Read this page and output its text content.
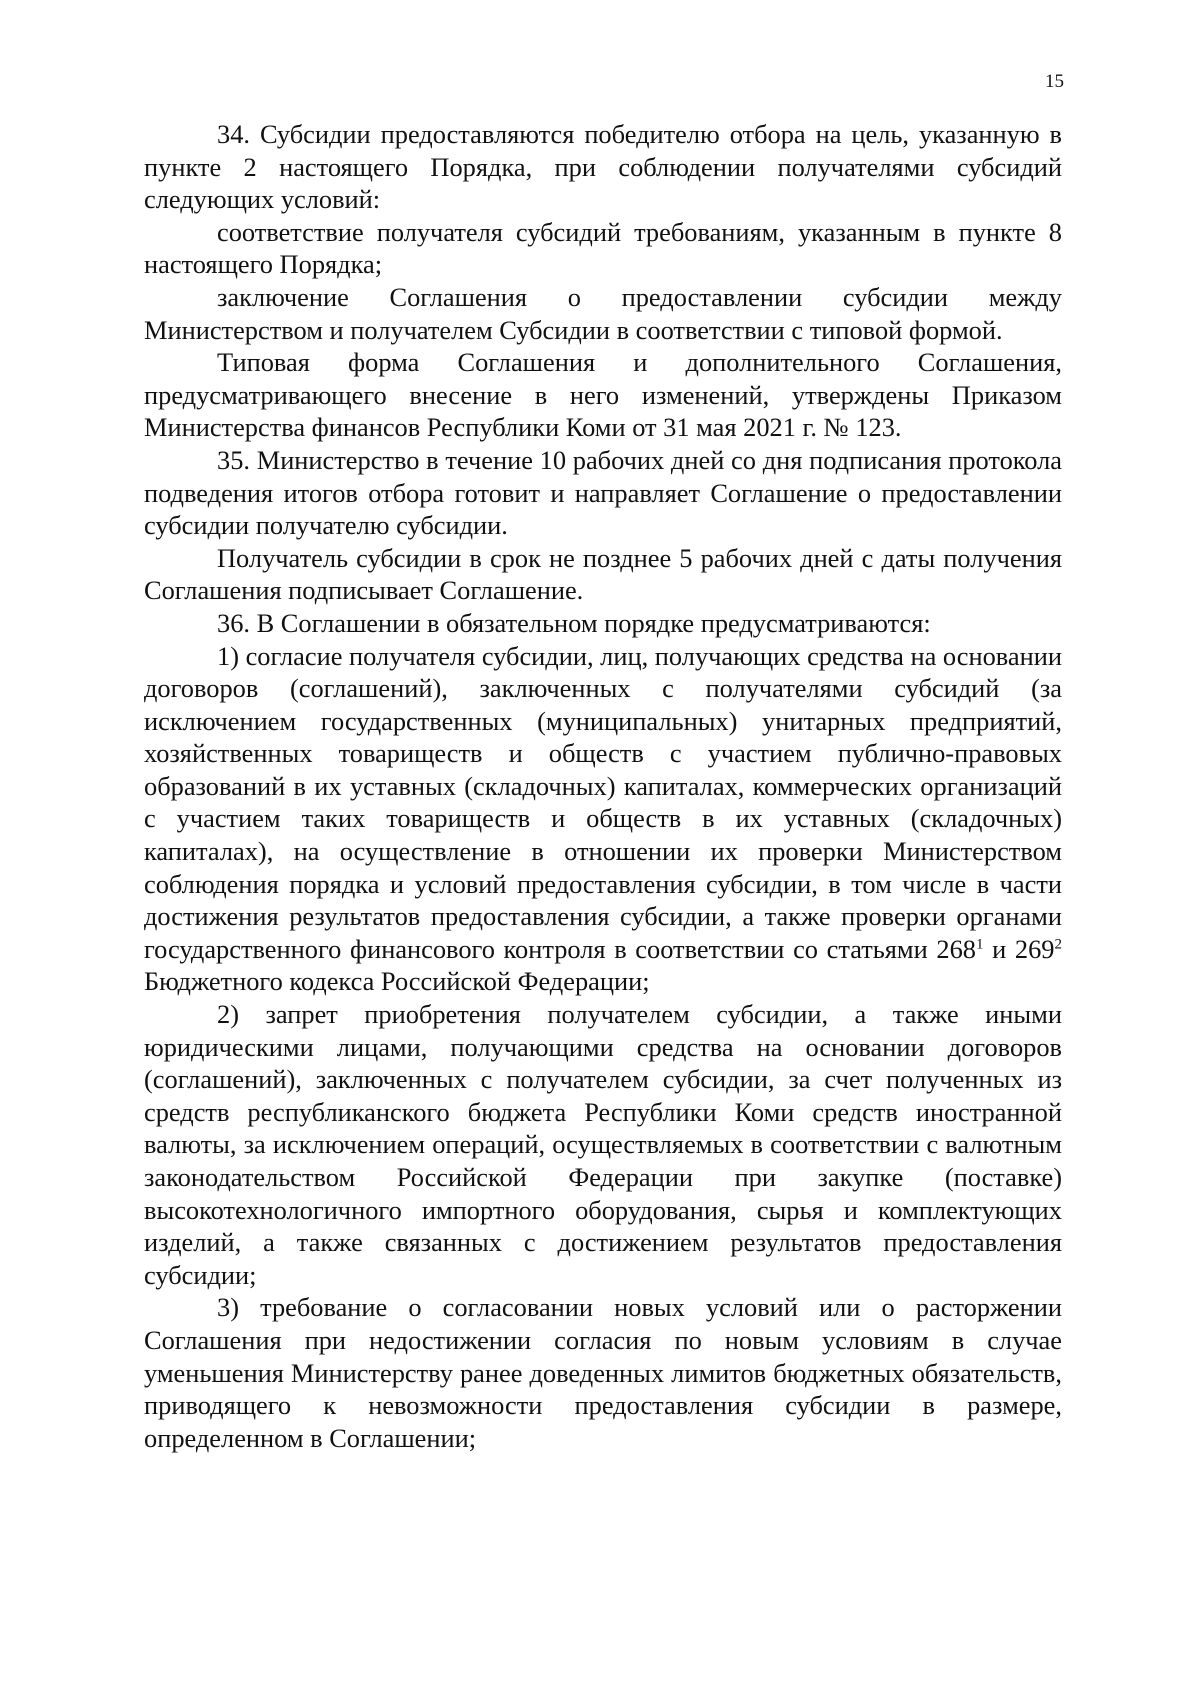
15

34. Субсидии предоставляются победителю отбора на цель, указанную в пункте 2 настоящего Порядка, при соблюдении получателями субсидий следующих условий:

соответствие получателя субсидий требованиям, указанным в пункте 8 настоящего Порядка;

заключение Соглашения о предоставлении субсидии между Министерством и получателем Субсидии в соответствии с типовой формой.

Типовая форма Соглашения и дополнительного Соглашения, предусматривающего внесение в него изменений, утверждены Приказом Министерства финансов Республики Коми от 31 мая 2021 г. № 123.

35. Министерство в течение 10 рабочих дней со дня подписания протокола подведения итогов отбора готовит и направляет Соглашение о предоставлении субсидии получателю субсидии.

Получатель субсидии в срок не позднее 5 рабочих дней с даты получения Соглашения подписывает Соглашение.

36. В Соглашении в обязательном порядке предусматриваются:

1) согласие получателя субсидии, лиц, получающих средства на основании договоров (соглашений), заключенных с получателями субсидий (за исключением государственных (муниципальных) унитарных предприятий, хозяйственных товариществ и обществ с участием публично-правовых образований в их уставных (складочных) капиталах, коммерческих организаций с участием таких товариществ и обществ в их уставных (складочных) капиталах), на осуществление в отношении их проверки Министерством соблюдения порядка и условий предоставления субсидии, в том числе в части достижения результатов предоставления субсидии, а также проверки органами государственного финансового контроля в соответствии со статьями $268^1$ и $269^2$ Бюджетного кодекса Российской Федерации;

2) запрет приобретения получателем субсидии, а также иными юридическими лицами, получающими средства на основании договоров (соглашений), заключенных с получателем субсидии, за счет полученных из средств республиканского бюджета Республики Коми средств иностранной валюты, за исключением операций, осуществляемых в соответствии с валютным законодательством Российской Федерации при закупке (поставке) высокотехнологичного импортного оборудования, сырья и комплектующих изделий, а также связанных с достижением результатов предоставления субсидии;

3) требование о согласовании новых условий или о расторжении Соглашения при недостижении согласия по новым условиям в случае уменьшения Министерству ранее доведенных лимитов бюджетных обязательств, приводящего к невозможности предоставления субсидии в размере, определенном в Соглашении;
